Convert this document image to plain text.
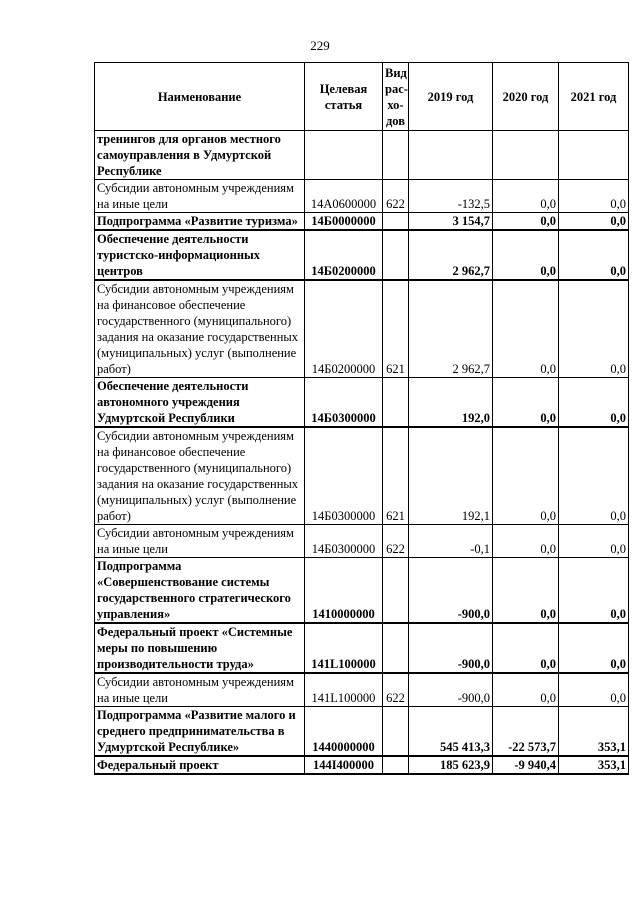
229
Наименование	Целевая статья	Вид рас-хо-дов	2019 год	2020 год	2021 год
тренингов для органов местного самоуправления в Удмуртской Республике					
Субсидии автономным учреждениям на иные цели	14А0600000	622	-132,5	0,0	0,0
Подпрограмма «Развитие туризма»	14Б0000000		3 154,7	0,0	0,0
Обеспечение деятельности туристско-информационных центров	14Б0200000		2 962,7	0,0	0,0
Субсидии автономным учреждениям на финансовое обеспечение государственного (муниципального) задания на оказание государственных (муниципальных) услуг (выполнение работ)	14Б0200000	621	2 962,7	0,0	0,0
Обеспечение деятельности автономного учреждения Удмуртской Республики	14Б0300000		192,0	0,0	0,0
Субсидии автономным учреждениям на финансовое обеспечение государственного (муниципального) задания на оказание государственных (муниципальных) услуг (выполнение работ)	14Б0300000	621	192,1	0,0	0,0
Субсидии автономным учреждениям на иные цели	14Б0300000	622	-0,1	0,0	0,0
Подпрограмма «Совершенствование системы государственного стратегического управления»	1410000000		-900,0	0,0	0,0
Федеральный проект «Системные меры по повышению производительности труда»	141L100000		-900,0	0,0	0,0
Субсидии автономным учреждениям на иные цели	141L100000	622	-900,0	0,0	0,0
Подпрограмма «Развитие малого и среднего предпринимательства в Удмуртской Республике»	1440000000		545 413,3	-22 573,7	353,1
Федеральный проект	144I400000		185 623,9	-9 940,4	353,1
